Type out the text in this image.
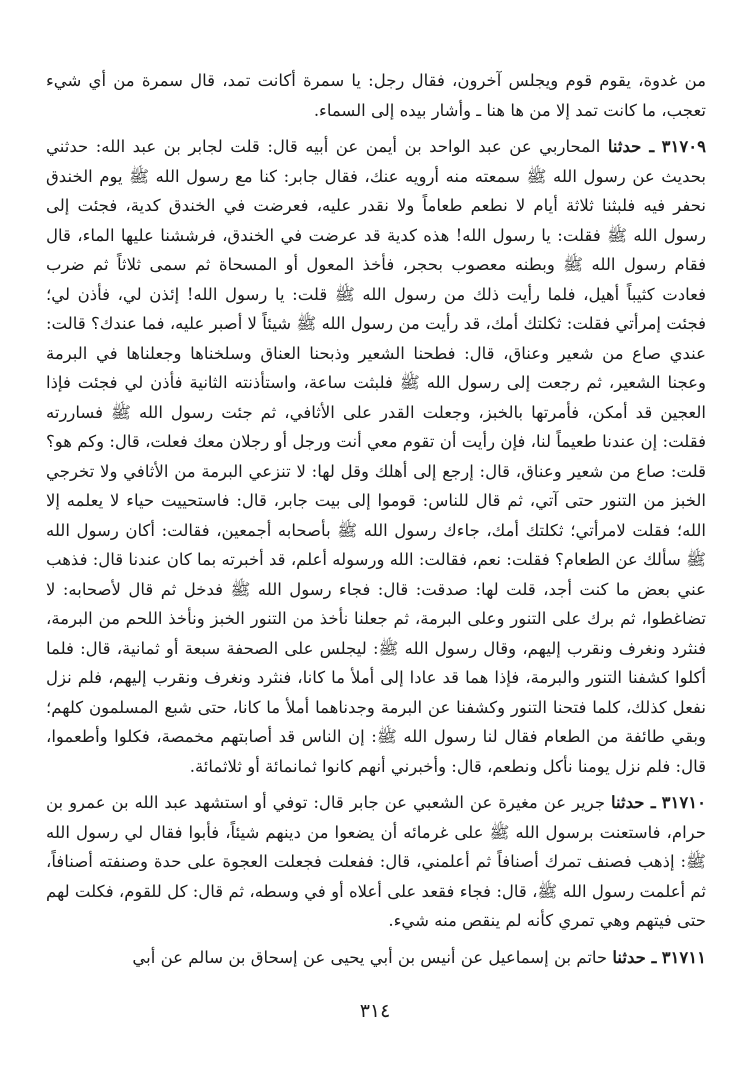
من غدوة، يقوم قوم ويجلس آخرون، فقال رجل: يا سمرة أكانت تمد، قال سمرة من أي شيء تعجب، ما كانت تمد إلا من ها هنا ـ وأشار بيده إلى السماء.

٣١٧٠٩ ـ حدثنا المحاربي عن عبد الواحد بن أيمن عن أبيه قال: قلت لجابر بن عبد الله: حدثني بحديث عن رسول الله ﷺ سمعته منه أرويه عنك، فقال جابر: كنا مع رسول الله ﷺ يوم الخندق نحفر فيه فلبثنا ثلاثة أيام لا نطعم طعاماً ولا نقدر عليه، فعرضت في الخندق كدية، فجئت إلى رسول الله ﷺ فقلت: يا رسول الله! هذه كدية قد عرضت في الخندق، فرششنا عليها الماء، قال فقام رسول الله ﷺ وبطنه معصوب بحجر، فأخذ المعول أو المسحاة ثم سمى ثلاثاً ثم ضرب فعادت كثيباً أهيل، فلما رأيت ذلك من رسول الله ﷺ قلت: يا رسول الله! إئذن لي، فأذن لي؛ فجئت إمرأتي فقلت: ثكلتك أمك، قد رأيت من رسول الله ﷺ شيئاً لا أصبر عليه، فما عندك؟ قالت: عندي صاع من شعير وعناق، قال: فطحنا الشعير وذبحنا العناق وسلخناها وجعلناها في البرمة وعجنا الشعير، ثم رجعت إلى رسول الله ﷺ فلبثت ساعة، واستأذنته الثانية فأذن لي فجئت فإذا العجين قد أمكن، فأمرتها بالخبز، وجعلت القدر على الأثافي، ثم جئت رسول الله ﷺ فساررته فقلت: إن عندنا طعيماً لنا، فإن رأيت أن تقوم معي أنت ورجل أو رجلان معك فعلت، قال: وكم هو؟ قلت: صاع من شعير وعناق، قال: إرجع إلى أهلك وقل لها: لا تنزعي البرمة من الأثافي ولا تخرجي الخبز من التنور حتى آتي، ثم قال للناس: قوموا إلى بيت جابر، قال: فاستحييت حياء لا يعلمه إلا الله؛ فقلت لامرأتي؛ ثكلتك أمك، جاءك رسول الله ﷺ بأصحابه أجمعين، فقالت: أكان رسول الله ﷺ سألك عن الطعام؟ فقلت: نعم، فقالت: الله ورسوله أعلم، قد أخبرته بما كان عندنا قال: فذهب عني بعض ما كنت أجد، قلت لها: صدقت: قال: فجاء رسول الله ﷺ فدخل ثم قال لأصحابه: لا تضاغطوا، ثم برك على التنور وعلى البرمة، ثم جعلنا نأخذ من التنور الخبز ونأخذ اللحم من البرمة، فنثرد ونغرف ونقرب إليهم، وقال رسول الله ﷺ: ليجلس على الصحفة سبعة أو ثمانية، قال: فلما أكلوا كشفنا التنور والبرمة، فإذا هما قد عادا إلى أملأ ما كانا، فنثرد ونغرف ونقرب إليهم، فلم نزل نفعل كذلك، كلما فتحنا التنور وكشفنا عن البرمة وجدناهما أملأ ما كانا، حتى شبع المسلمون كلهم؛ وبقي طائفة من الطعام فقال لنا رسول الله ﷺ: إن الناس قد أصابتهم مخمصة، فكلوا وأطعموا، قال: فلم نزل يومنا نأكل ونطعم، قال: وأخبرني أنهم كانوا ثمانمائة أو ثلاثمائة.

٣١٧١٠ ـ حدثنا جرير عن مغيرة عن الشعبي عن جابر قال: توفي أو استشهد عبد الله بن عمرو بن حرام، فاستعنت برسول الله ﷺ على غرمائه أن يضعوا من دينهم شيئاً، فأبوا فقال لي رسول الله ﷺ: إذهب فصنف تمرك أصنافاً ثم أعلمني، قال: ففعلت فجعلت العجوة على حدة وصنفته أصنافاً، ثم أعلمت رسول الله ﷺ، قال: فجاء فقعد على أعلاه أو في وسطه، ثم قال: كل للقوم، فكلت لهم حتى فيتهم وهي تمري كأنه لم ينقص منه شيء.

٣١٧١١ ـ حدثنا حاتم بن إسماعيل عن أنيس بن أبي يحيى عن إسحاق بن سالم عن أبي

٣١٤
